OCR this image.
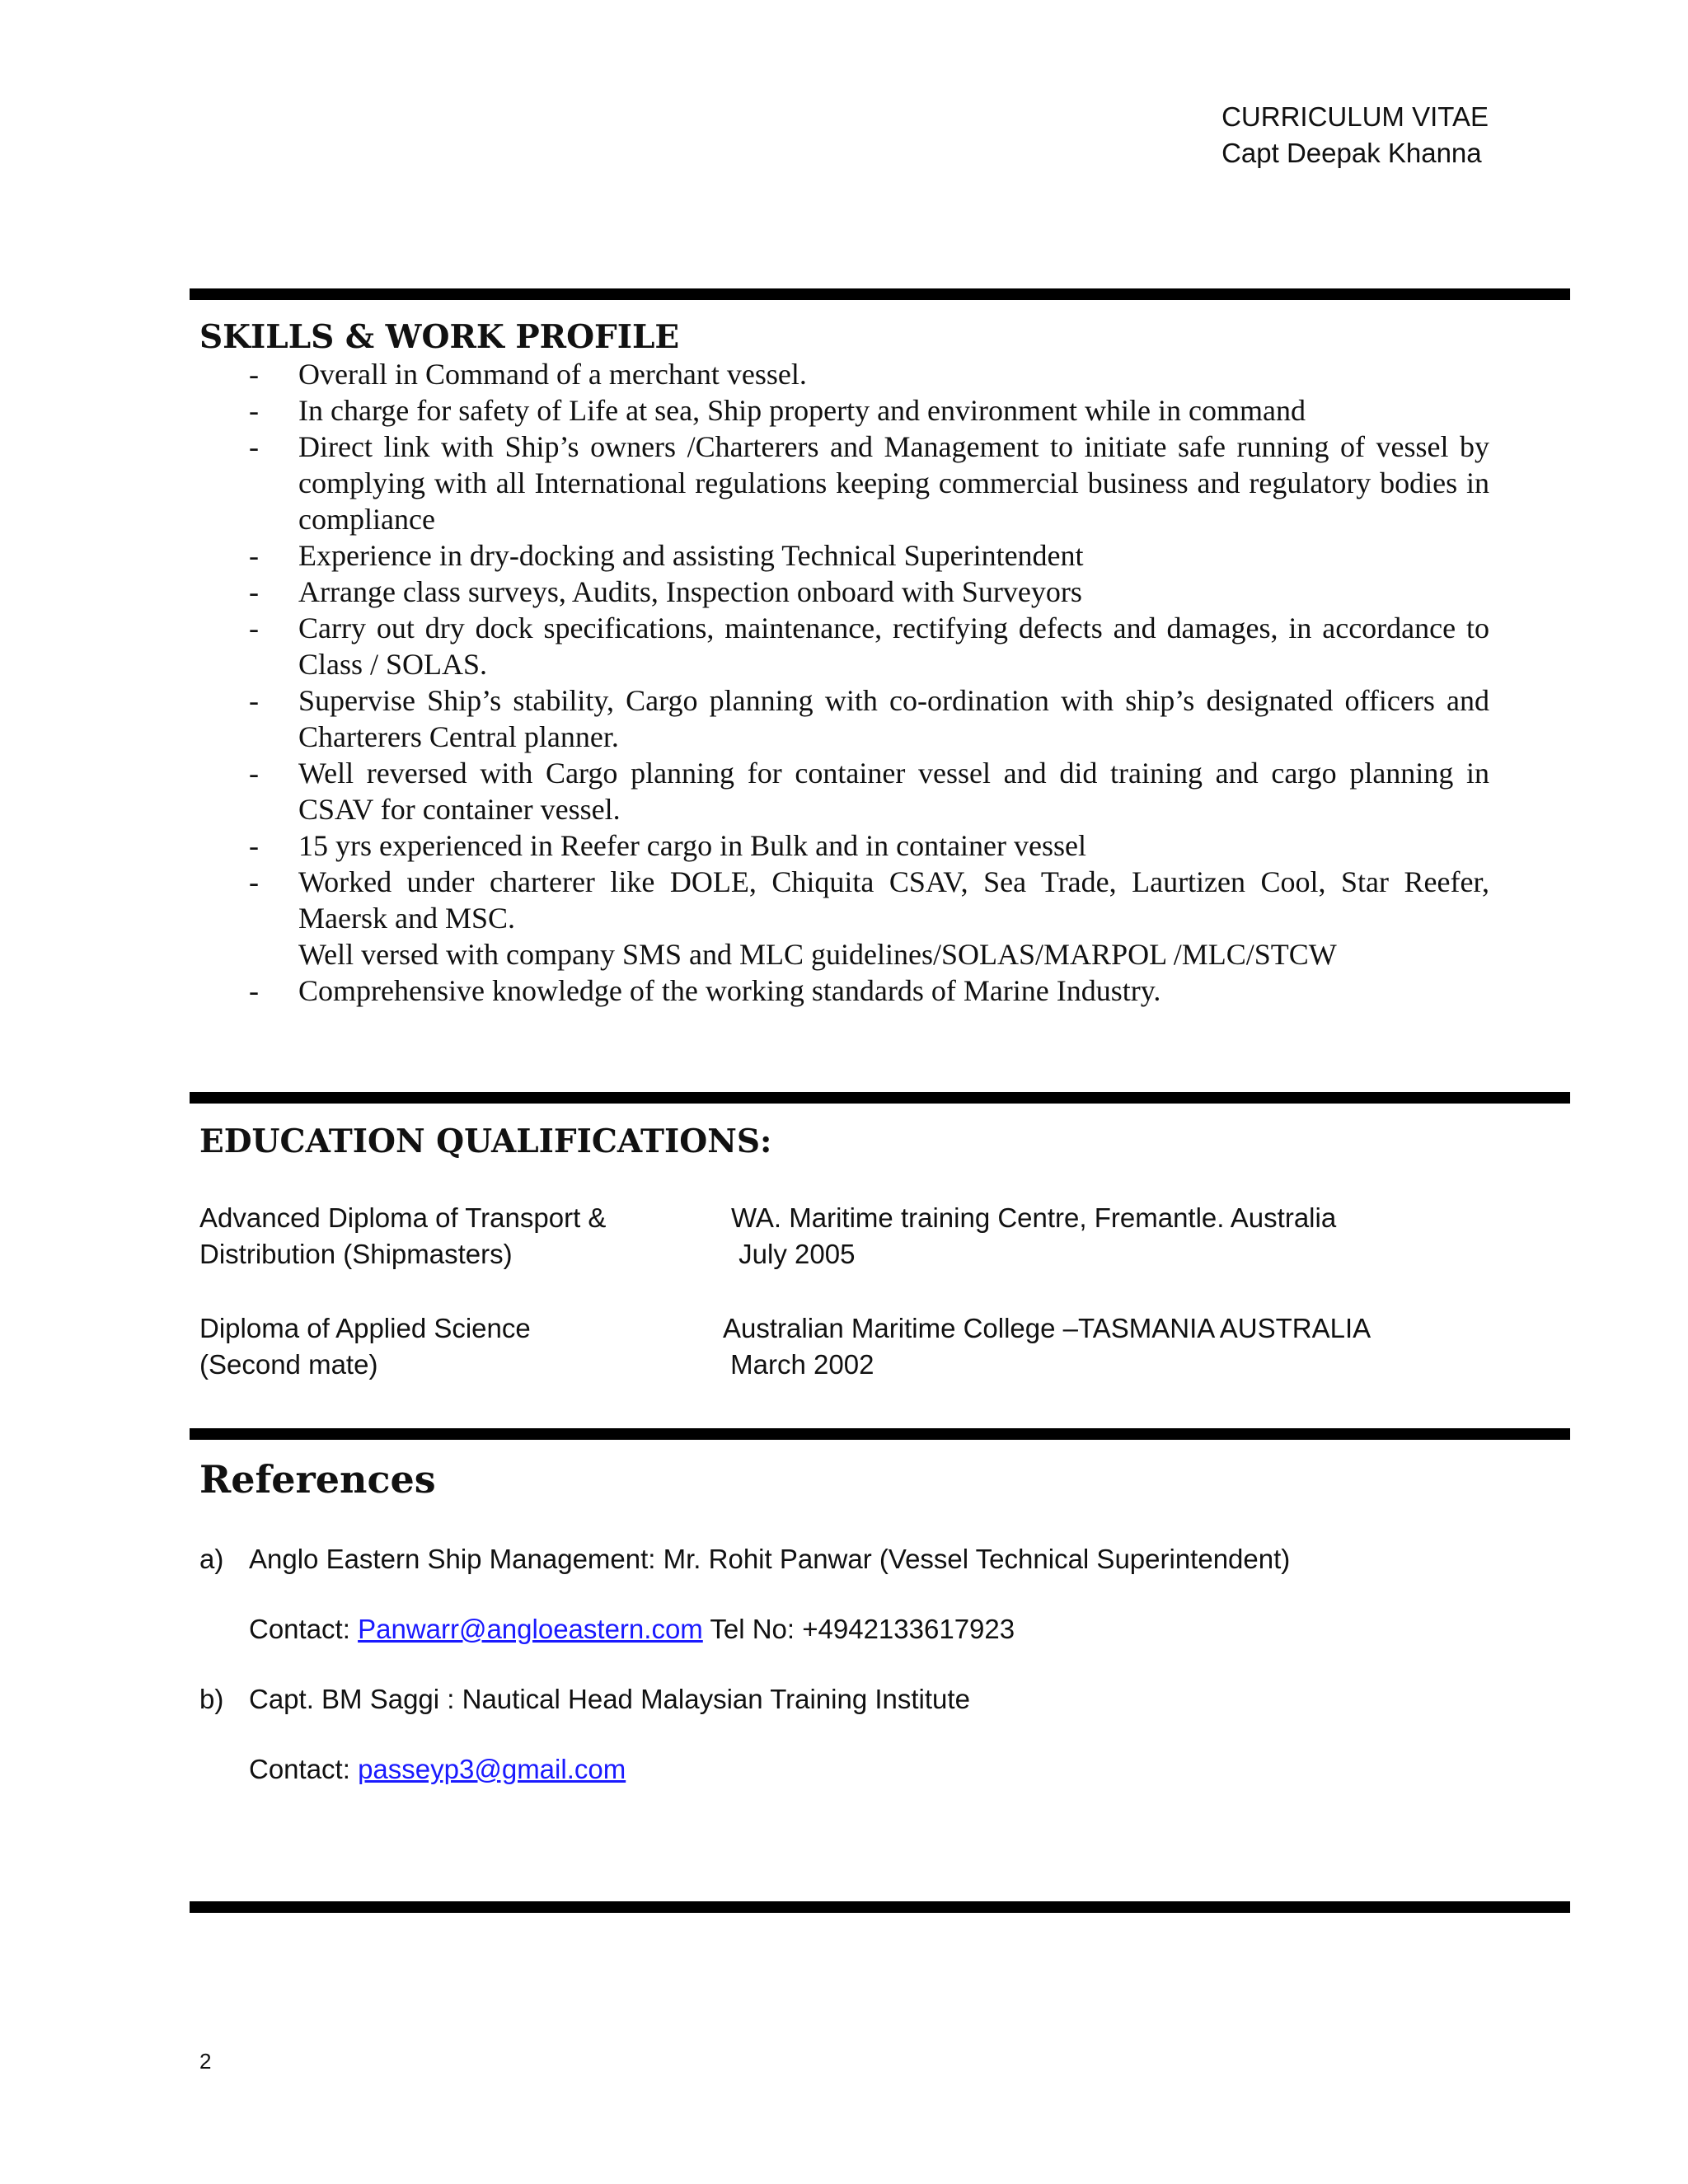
CURRICULUM VITAE
Capt Deepak Khanna
SKILLS & WORK PROFILE
- Overall in Command of a merchant vessel.
- In charge for safety of Life at sea, Ship property and environment while in command
- Direct link with Ship’s owners /Charterers and Management to initiate safe running of vessel by complying with all International regulations keeping commercial business and regulatory bodies in compliance
- Experience in dry-docking and assisting Technical Superintendent
- Arrange class surveys, Audits, Inspection onboard with Surveyors
- Carry out dry dock specifications, maintenance, rectifying defects and damages, in accordance to Class / SOLAS.
- Supervise Ship’s stability, Cargo planning with co-ordination with ship’s designated officers and Charterers Central planner.
- Well reversed with Cargo planning for container vessel and did training and cargo planning in CSAV for container vessel.
- 15 yrs experienced in Reefer cargo in Bulk and in container vessel
- Worked under charterer like DOLE, Chiquita CSAV, Sea Trade, Laurtizen Cool, Star Reefer, Maersk and MSC.
Well versed with company SMS and MLC guidelines/SOLAS/MARPOL /MLC/STCW
- Comprehensive knowledge of the working standards of Marine Industry.
EDUCATION QUALIFICATIONS:
Advanced Diploma of Transport &
Distribution (Shipmasters)
WA. Maritime training Centre, Fremantle. Australia
July 2005
Diploma of Applied Science
(Second mate)
Australian Maritime College –TASMANIA AUSTRALIA
March 2002
References
a) Anglo Eastern Ship Management: Mr. Rohit Panwar (Vessel Technical Superintendent)
Contact: Panwarr@angloeastern.com Tel No: +4942133617923
b) Capt. BM Saggi : Nautical Head Malaysian Training Institute
Contact: passeyp3@gmail.com
2
